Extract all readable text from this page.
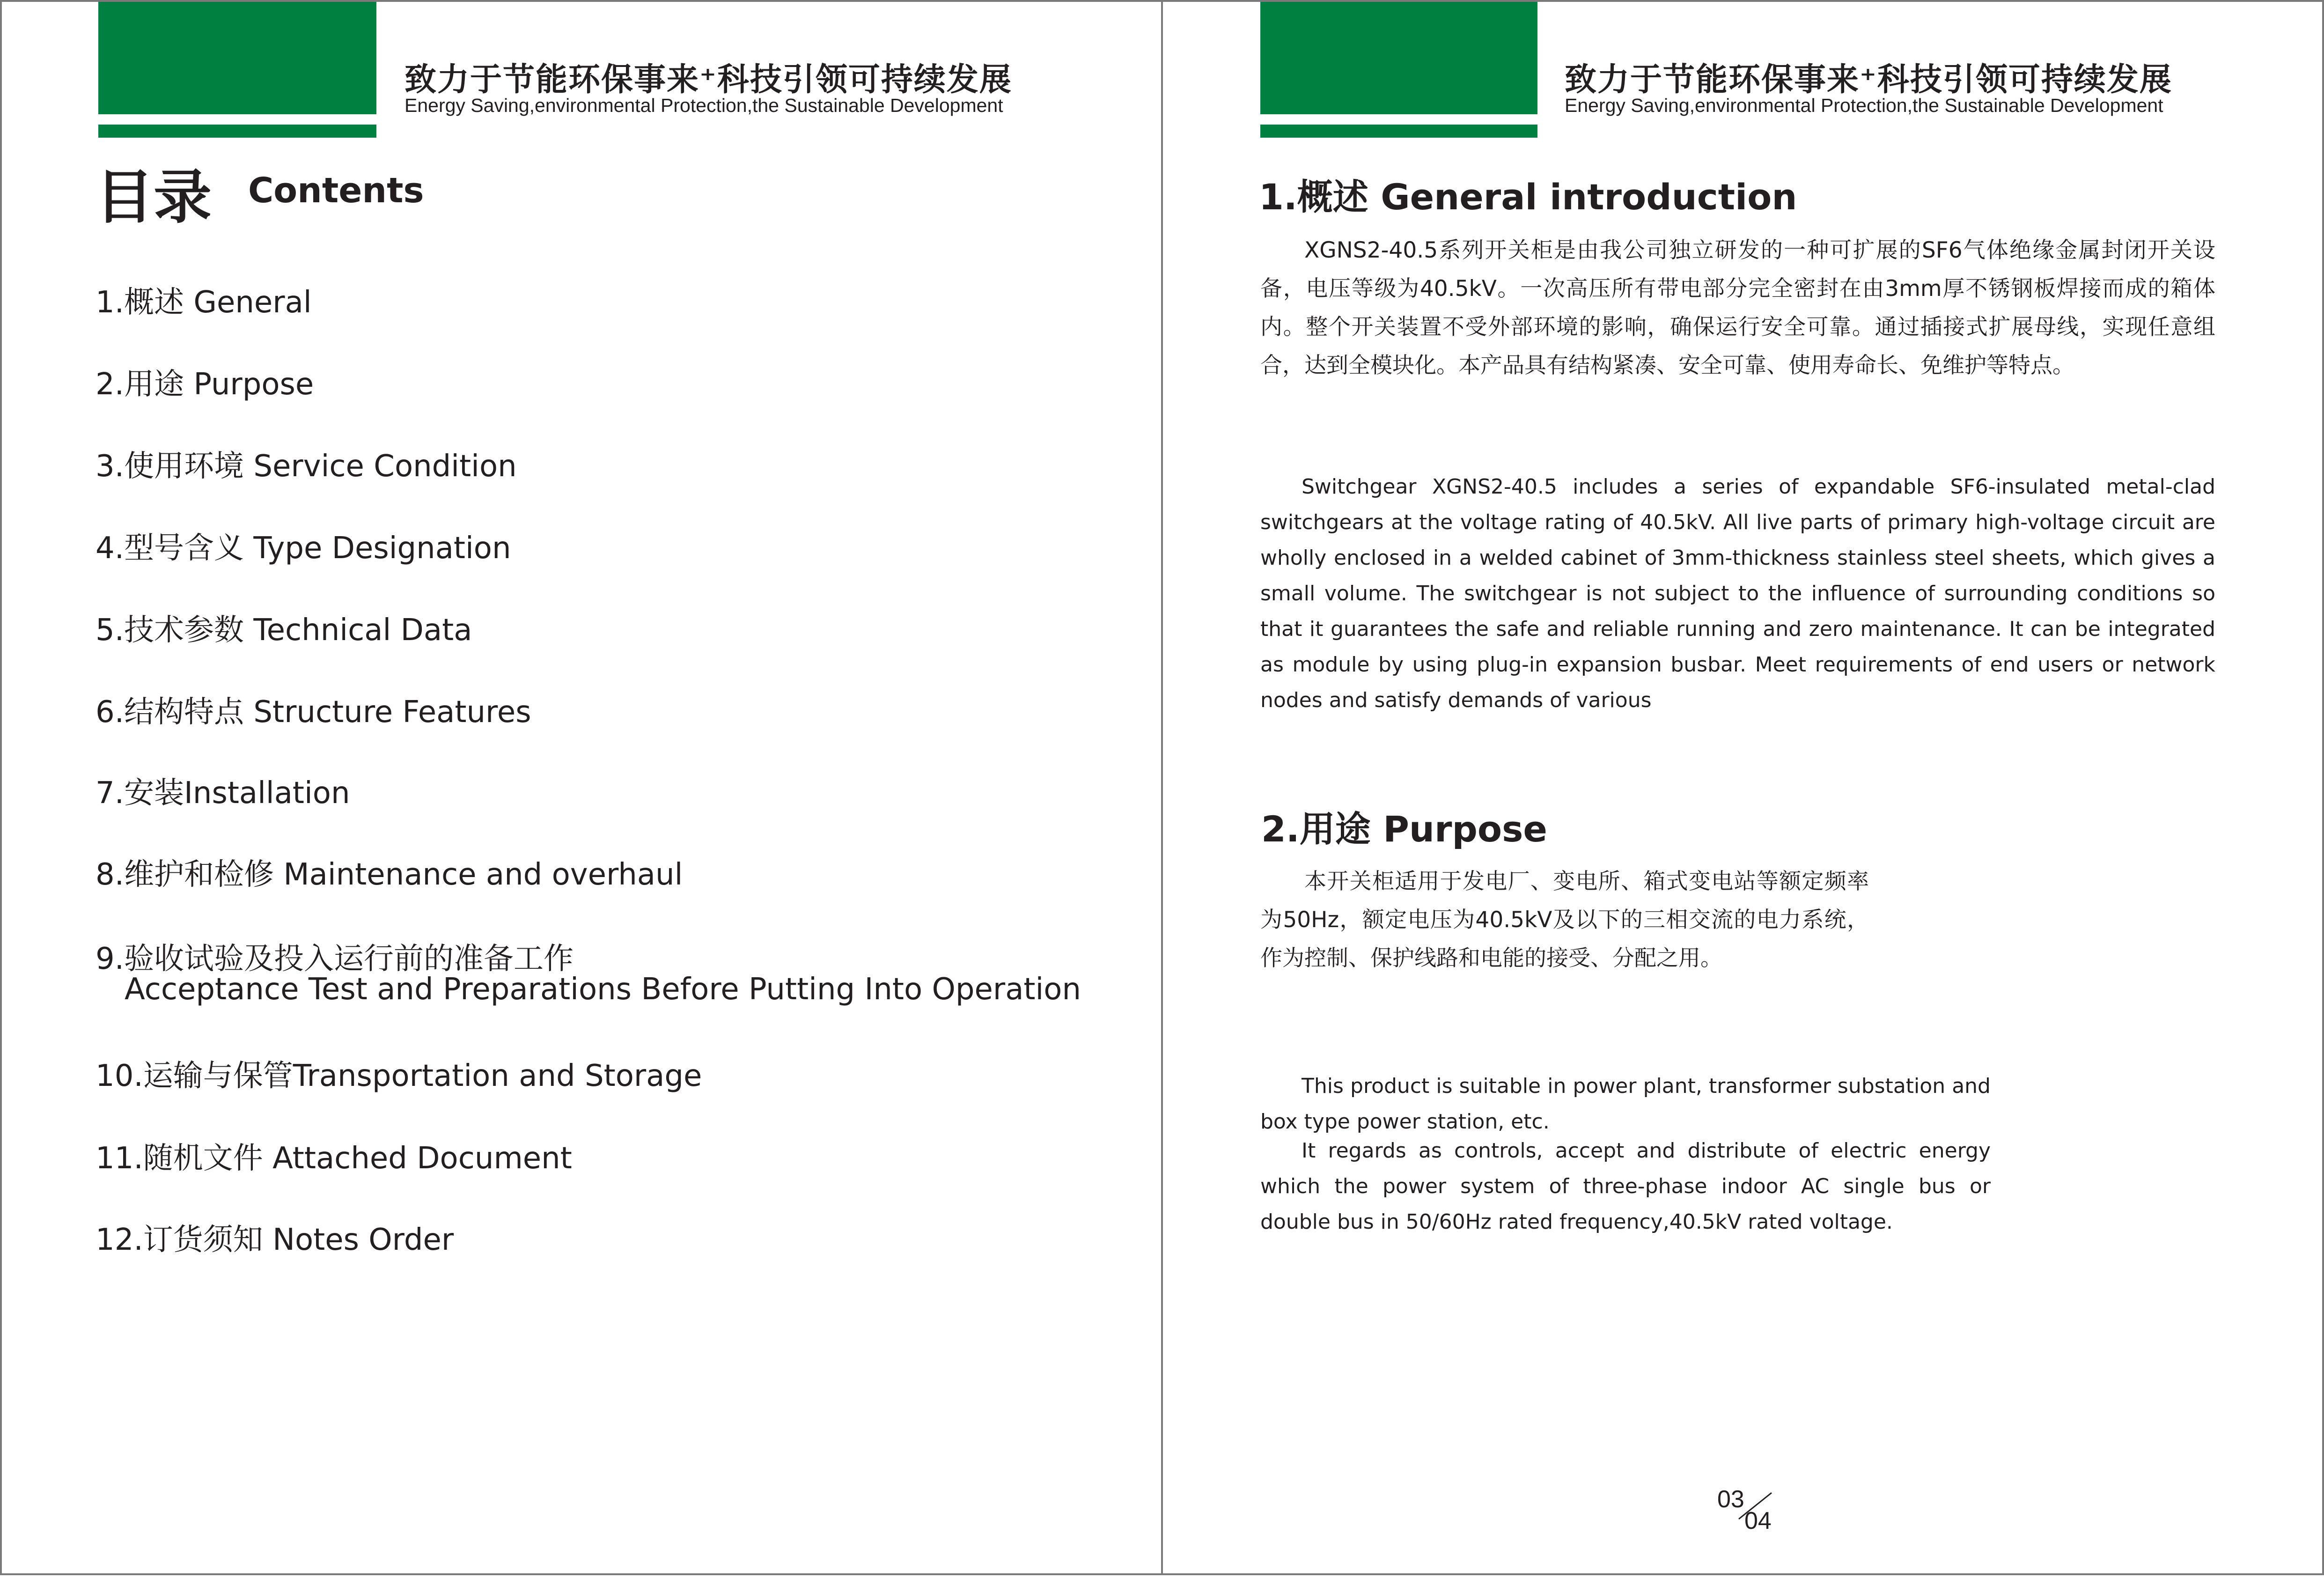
致力于节能环保事来⁺科技引领可持续发展
Energy Saving,environmental Protection,the Sustainable Development
目录 Contents
1.概述 General
2.用途 Purpose
3.使用环境 Service Condition
4.型号含义 Type Designation
5.技术参数 Technical Data
6.结构特点 Structure Features
7.安装Installation
8.维护和检修 Maintenance and overhaul
9.验收试验及投入运行前的准备工作
Acceptance Test and Preparations Before Putting Into Operation
10.运输与保管Transportation and Storage
11.随机文件 Attached Document
12.订货须知 Notes Order
致力于节能环保事来⁺科技引领可持续发展
Energy Saving,environmental Protection,the Sustainable Development
1.概述 General introduction
XGNS2-40.5系列开关柜是由我公司独立研发的一种可扩展的SF6气体绝缘金属封闭开关设备，电压等级为40.5kV。一次高压所有带电部分完全密封在由3mm厚不锈钢板焊接而成的箱体内。整个开关装置不受外部环境的影响，确保运行安全可靠。通过插接式扩展母线，实现任意组合，达到全模块化。本产品具有结构紧凑、安全可靠、使用寿命长、免维护等特点。
Switchgear XGNS2-40.5 includes a series of expandable SF6-insulated metal-clad switchgears at the voltage rating of 40.5kV. All live parts of primary high-voltage circuit are wholly enclosed in a welded cabinet of 3mm-thickness stainless steel sheets, which gives a small volume. The switchgear is not subject to the influence of surrounding conditions so that it guarantees the safe and reliable running and zero maintenance. It can be integrated as module by using plug-in expansion busbar. Meet requirements of end users or network nodes and satisfy demands of various
2.用途 Purpose
本开关柜适用于发电厂、变电所、箱式变电站等额定频率为50Hz，额定电压为40.5kV及以下的三相交流的电力系统，作为控制、保护线路和电能的接受、分配之用。
This product is suitable in power plant, transformer substation and box type power station, etc.
It regards as controls, accept and distribute of electric energy which the power system of three-phase indoor AC single bus or double bus in 50/60Hz rated frequency,40.5kV rated voltage.
03
04
